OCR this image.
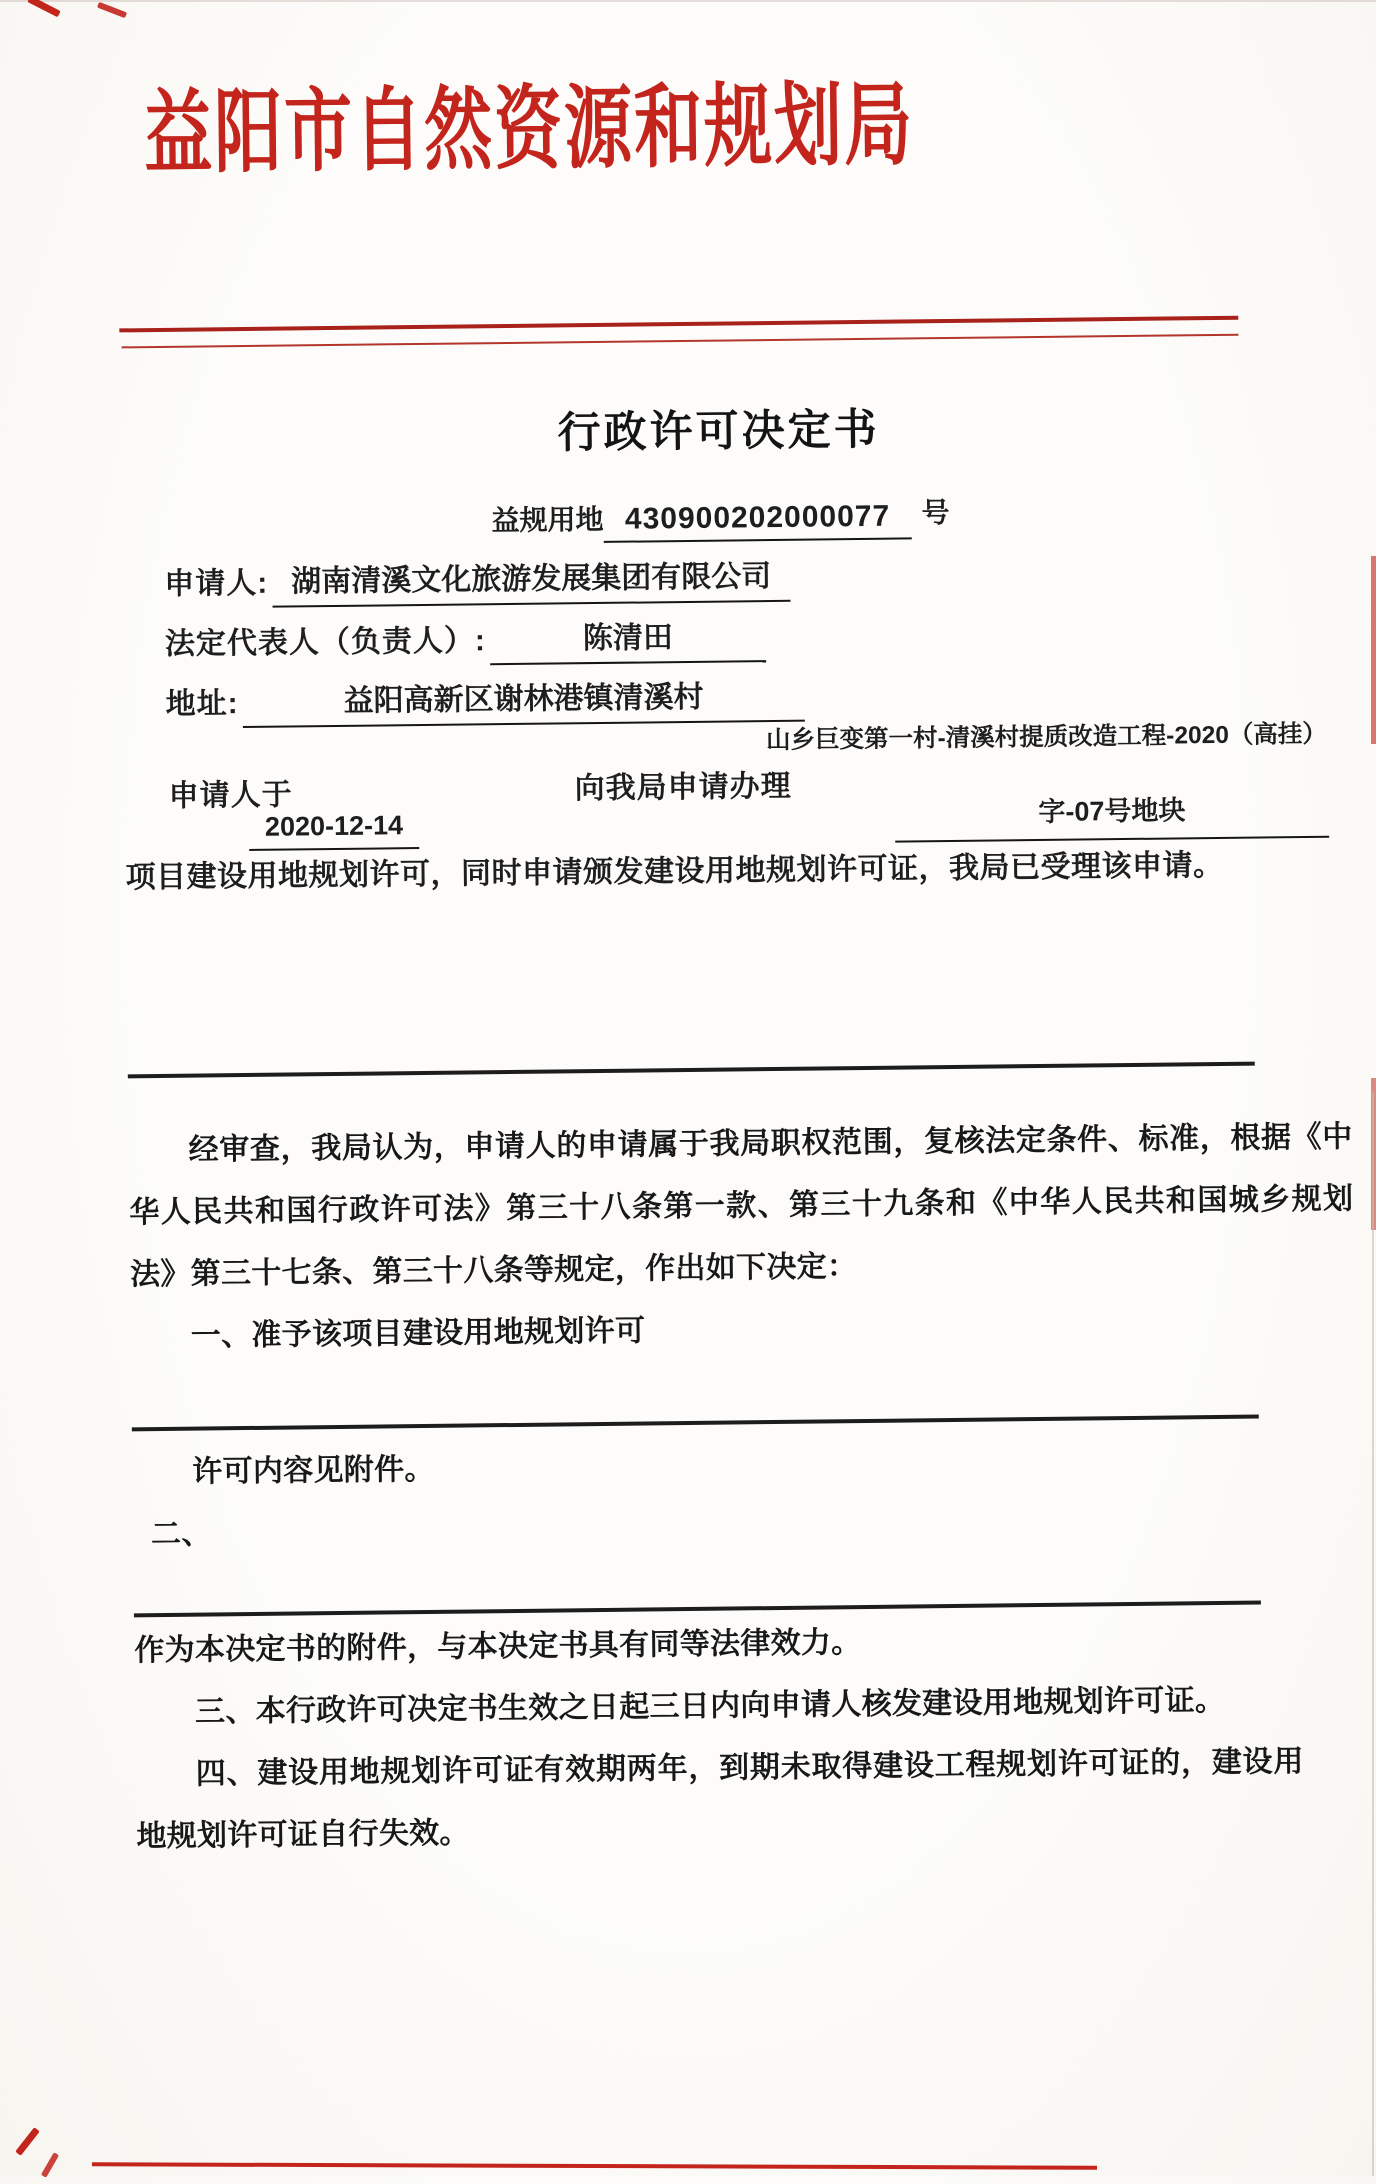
益阳市自然资源和规划局
行政许可决定书
益规用地 430900202000077	号
申请人: 湖南清溪文化旅游发展集团有限公司
法定代表人（负责人）:	陈清田
地址:	益阳高新区谢林港镇清溪村
申请人于
2020-12-14
向我局申请办理
山乡巨变第一村-清溪村提质改造工程-2020（高挂）
字-07号地块
项目建设用地规划许可，同时申请颁发建设用地规划许可证，我局已受理该申请。

经审查，我局认为，申请人的申请属于我局职权范围，复核法定条件、标准，根据《中华人民共和国行政许可法》第三十八条第一款、第三十九条和《中华人民共和国城乡规划法》第三十七条、第三十八条等规定，作出如下决定：

一、准予该项目建设用地规划许可

许可内容见附件。

二、

作为本决定书的附件，与本决定书具有同等法律效力。

三、本行政许可决定书生效之日起三日内向申请人核发建设用地规划许可证。

四、建设用地规划许可证有效期两年，到期未取得建设工程规划许可证的，建设用地规划许可证自行失效。
